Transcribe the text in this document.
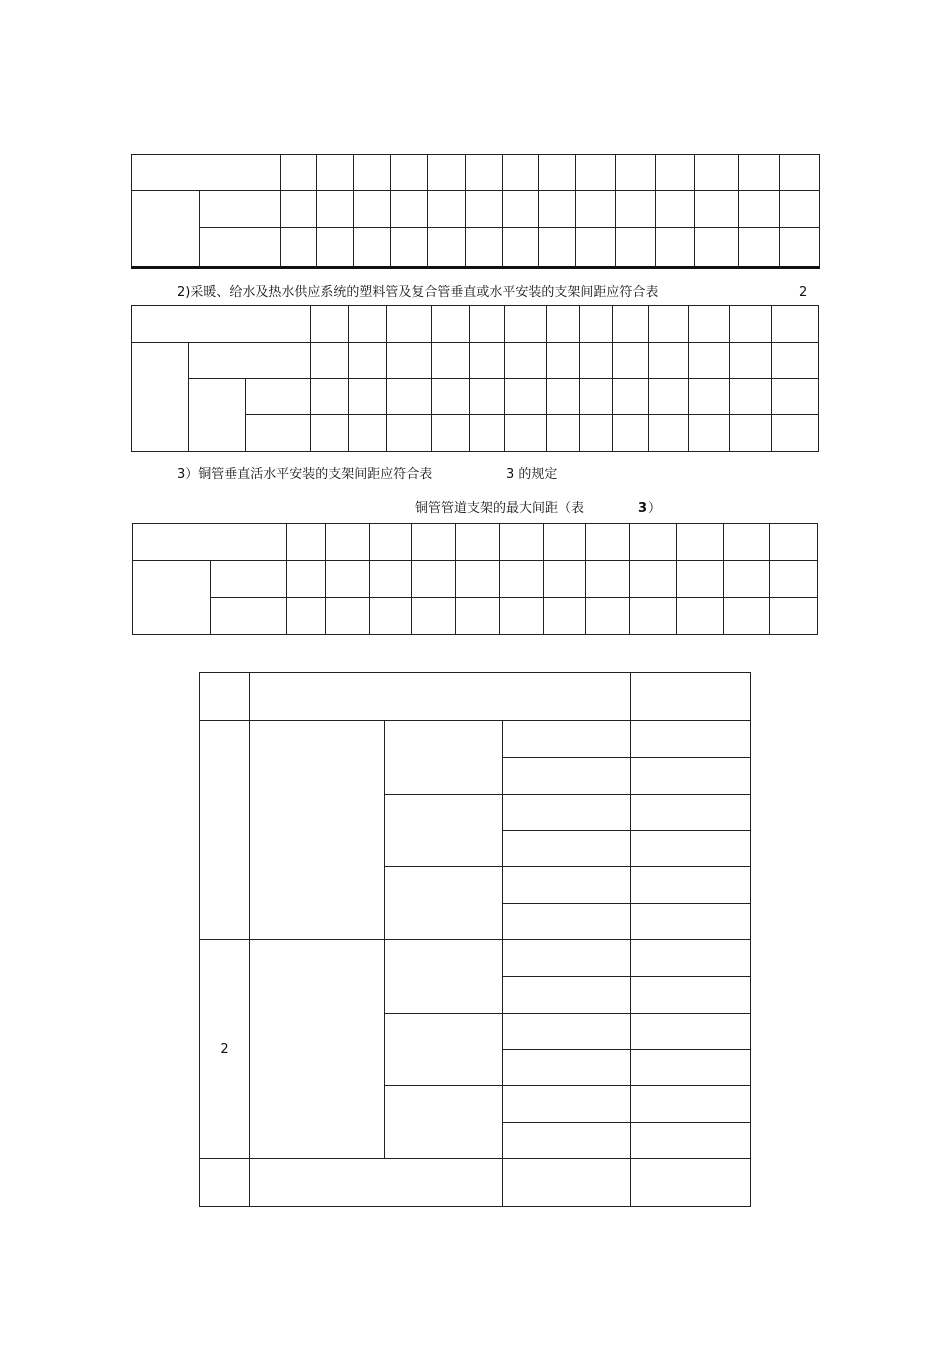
2)采暖、给水及热水供应系统的塑料管及复合管垂直或水平安装的支架间距应符合表	2

3）铜管垂直活水平安装的支架间距应符合表	3 的规定
铜管管道支架的最大间距（表	3 ）

2				
